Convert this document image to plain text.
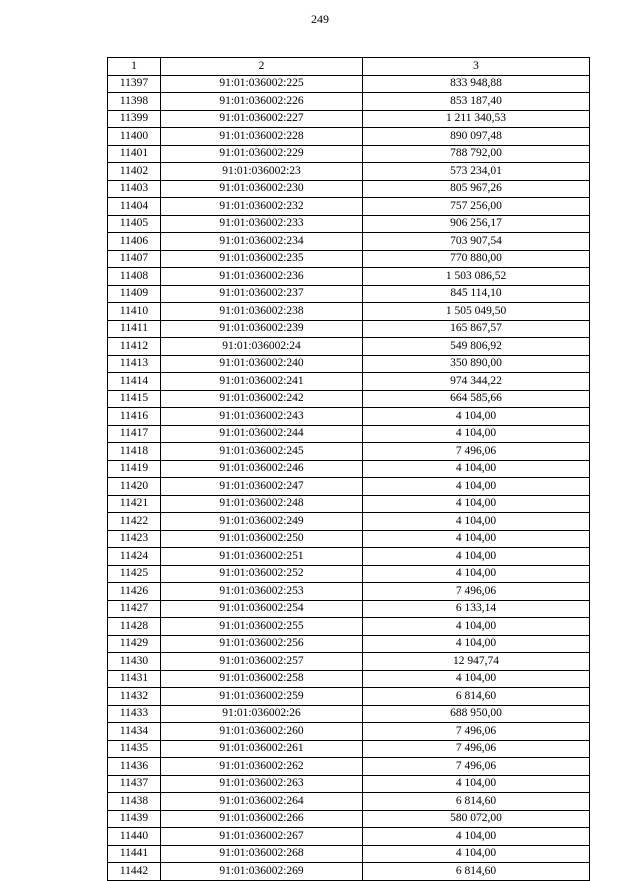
249
1	2	3
11397	91:01:036002:225	833 948,88
11398	91:01:036002:226	853 187,40
11399	91:01:036002:227	1 211 340,53
11400	91:01:036002:228	890 097,48
11401	91:01:036002:229	788 792,00
11402	91:01:036002:23	573 234,01
11403	91:01:036002:230	805 967,26
11404	91:01:036002:232	757 256,00
11405	91:01:036002:233	906 256,17
11406	91:01:036002:234	703 907,54
11407	91:01:036002:235	770 880,00
11408	91:01:036002:236	1 503 086,52
11409	91:01:036002:237	845 114,10
11410	91:01:036002:238	1 505 049,50
11411	91:01:036002:239	165 867,57
11412	91:01:036002:24	549 806,92
11413	91:01:036002:240	350 890,00
11414	91:01:036002:241	974 344,22
11415	91:01:036002:242	664 585,66
11416	91:01:036002:243	4 104,00
11417	91:01:036002:244	4 104,00
11418	91:01:036002:245	7 496,06
11419	91:01:036002:246	4 104,00
11420	91:01:036002:247	4 104,00
11421	91:01:036002:248	4 104,00
11422	91:01:036002:249	4 104,00
11423	91:01:036002:250	4 104,00
11424	91:01:036002:251	4 104,00
11425	91:01:036002:252	4 104,00
11426	91:01:036002:253	7 496,06
11427	91:01:036002:254	6 133,14
11428	91:01:036002:255	4 104,00
11429	91:01:036002:256	4 104,00
11430	91:01:036002:257	12 947,74
11431	91:01:036002:258	4 104,00
11432	91:01:036002:259	6 814,60
11433	91:01:036002:26	688 950,00
11434	91:01:036002:260	7 496,06
11435	91:01:036002:261	7 496,06
11436	91:01:036002:262	7 496,06
11437	91:01:036002:263	4 104,00
11438	91:01:036002:264	6 814,60
11439	91:01:036002:266	580 072,00
11440	91:01:036002:267	4 104,00
11441	91:01:036002:268	4 104,00
11442	91:01:036002:269	6 814,60
